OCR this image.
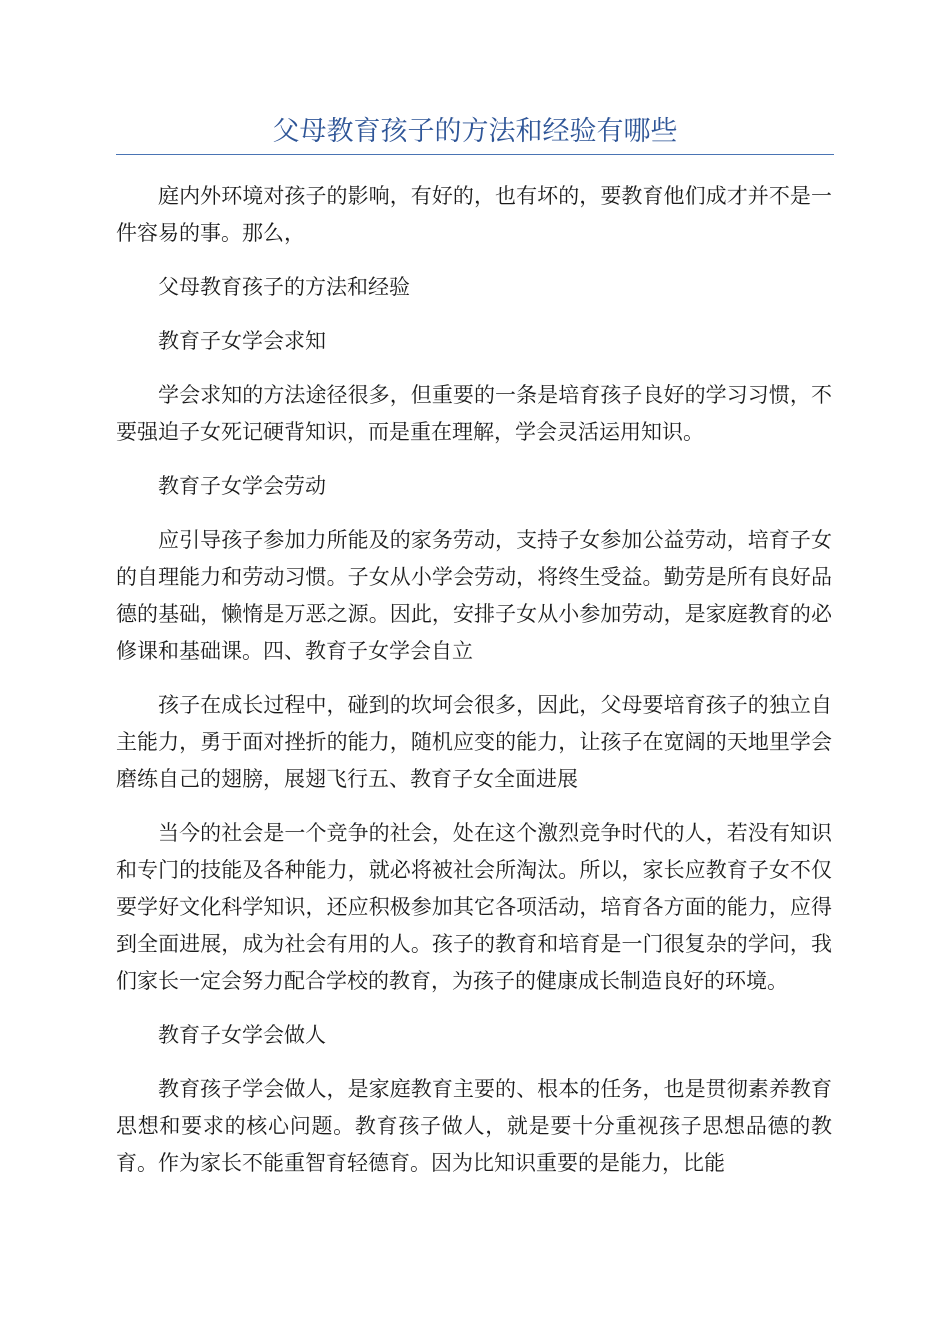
父母教育孩子的方法和经验有哪些

庭内外环境对孩子的影响，有好的，也有坏的，要教育他们成才并不是一件容易的事。那么，

父母教育孩子的方法和经验

教育子女学会求知

学会求知的方法途径很多，但重要的一条是培育孩子良好的学习习惯，不要强迫子女死记硬背知识，而是重在理解，学会灵活运用知识。

教育子女学会劳动

应引导孩子参加力所能及的家务劳动，支持子女参加公益劳动，培育子女的自理能力和劳动习惯。子女从小学会劳动，将终生受益。勤劳是所有良好品德的基础，懒惰是万恶之源。因此，安排子女从小参加劳动，是家庭教育的必修课和基础课。四、教育子女学会自立

孩子在成长过程中，碰到的坎坷会很多，因此，父母要培育孩子的独立自主能力，勇于面对挫折的能力，随机应变的能力，让孩子在宽阔的天地里学会磨练自己的翅膀，展翅飞行五、教育子女全面进展

当今的社会是一个竞争的社会，处在这个激烈竞争时代的人，若没有知识和专门的技能及各种能力，就必将被社会所淘汰。所以，家长应教育子女不仅要学好文化科学知识，还应积极参加其它各项活动，培育各方面的能力，应得到全面进展，成为社会有用的人。孩子的教育和培育是一门很复杂的学问，我们家长一定会努力配合学校的教育，为孩子的健康成长制造良好的环境。

教育子女学会做人

教育孩子学会做人，是家庭教育主要的、根本的任务，也是贯彻素养教育思想和要求的核心问题。教育孩子做人，就是要十分重视孩子思想品德的教育。作为家长不能重智育轻德育。因为比知识重要的是能力，比能
